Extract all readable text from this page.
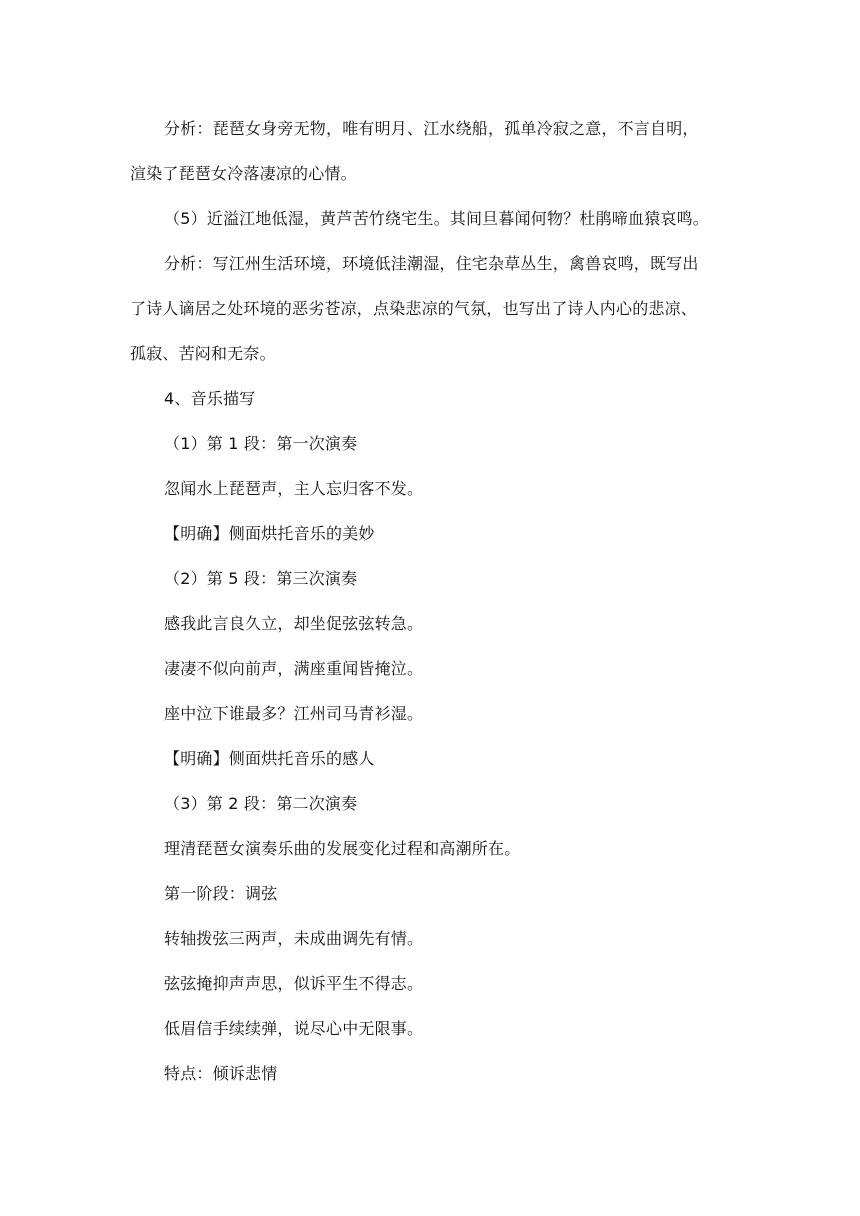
分析：琵琶女身旁无物，唯有明月、江水绕船，孤单冷寂之意，不言自明，
渲染了琵琶女冷落凄凉的心情。
（5）近溢江地低湿，黄芦苦竹绕宅生。其间旦暮闻何物？杜鹃啼血猿哀鸣。
分析：写江州生活环境，环境低洼潮湿，住宅杂草丛生，禽兽哀鸣，既写出
了诗人谪居之处环境的恶劣苍凉，点染悲凉的气氛，也写出了诗人内心的悲凉、
孤寂、苦闷和无奈。
4、音乐描写
（1）第 1 段：第一次演奏
忽闻水上琵琶声，主人忘归客不发。
【明确】侧面烘托音乐的美妙
（2）第 5 段：第三次演奏
感我此言良久立，却坐促弦弦转急。
凄凄不似向前声，满座重闻皆掩泣。
座中泣下谁最多？江州司马青衫湿。
【明确】侧面烘托音乐的感人
（3）第 2 段：第二次演奏
理清琵琶女演奏乐曲的发展变化过程和高潮所在。
第一阶段：调弦
转轴拨弦三两声，未成曲调先有情。
弦弦掩抑声声思，似诉平生不得志。
低眉信手续续弹，说尽心中无限事。
特点：倾诉悲情
